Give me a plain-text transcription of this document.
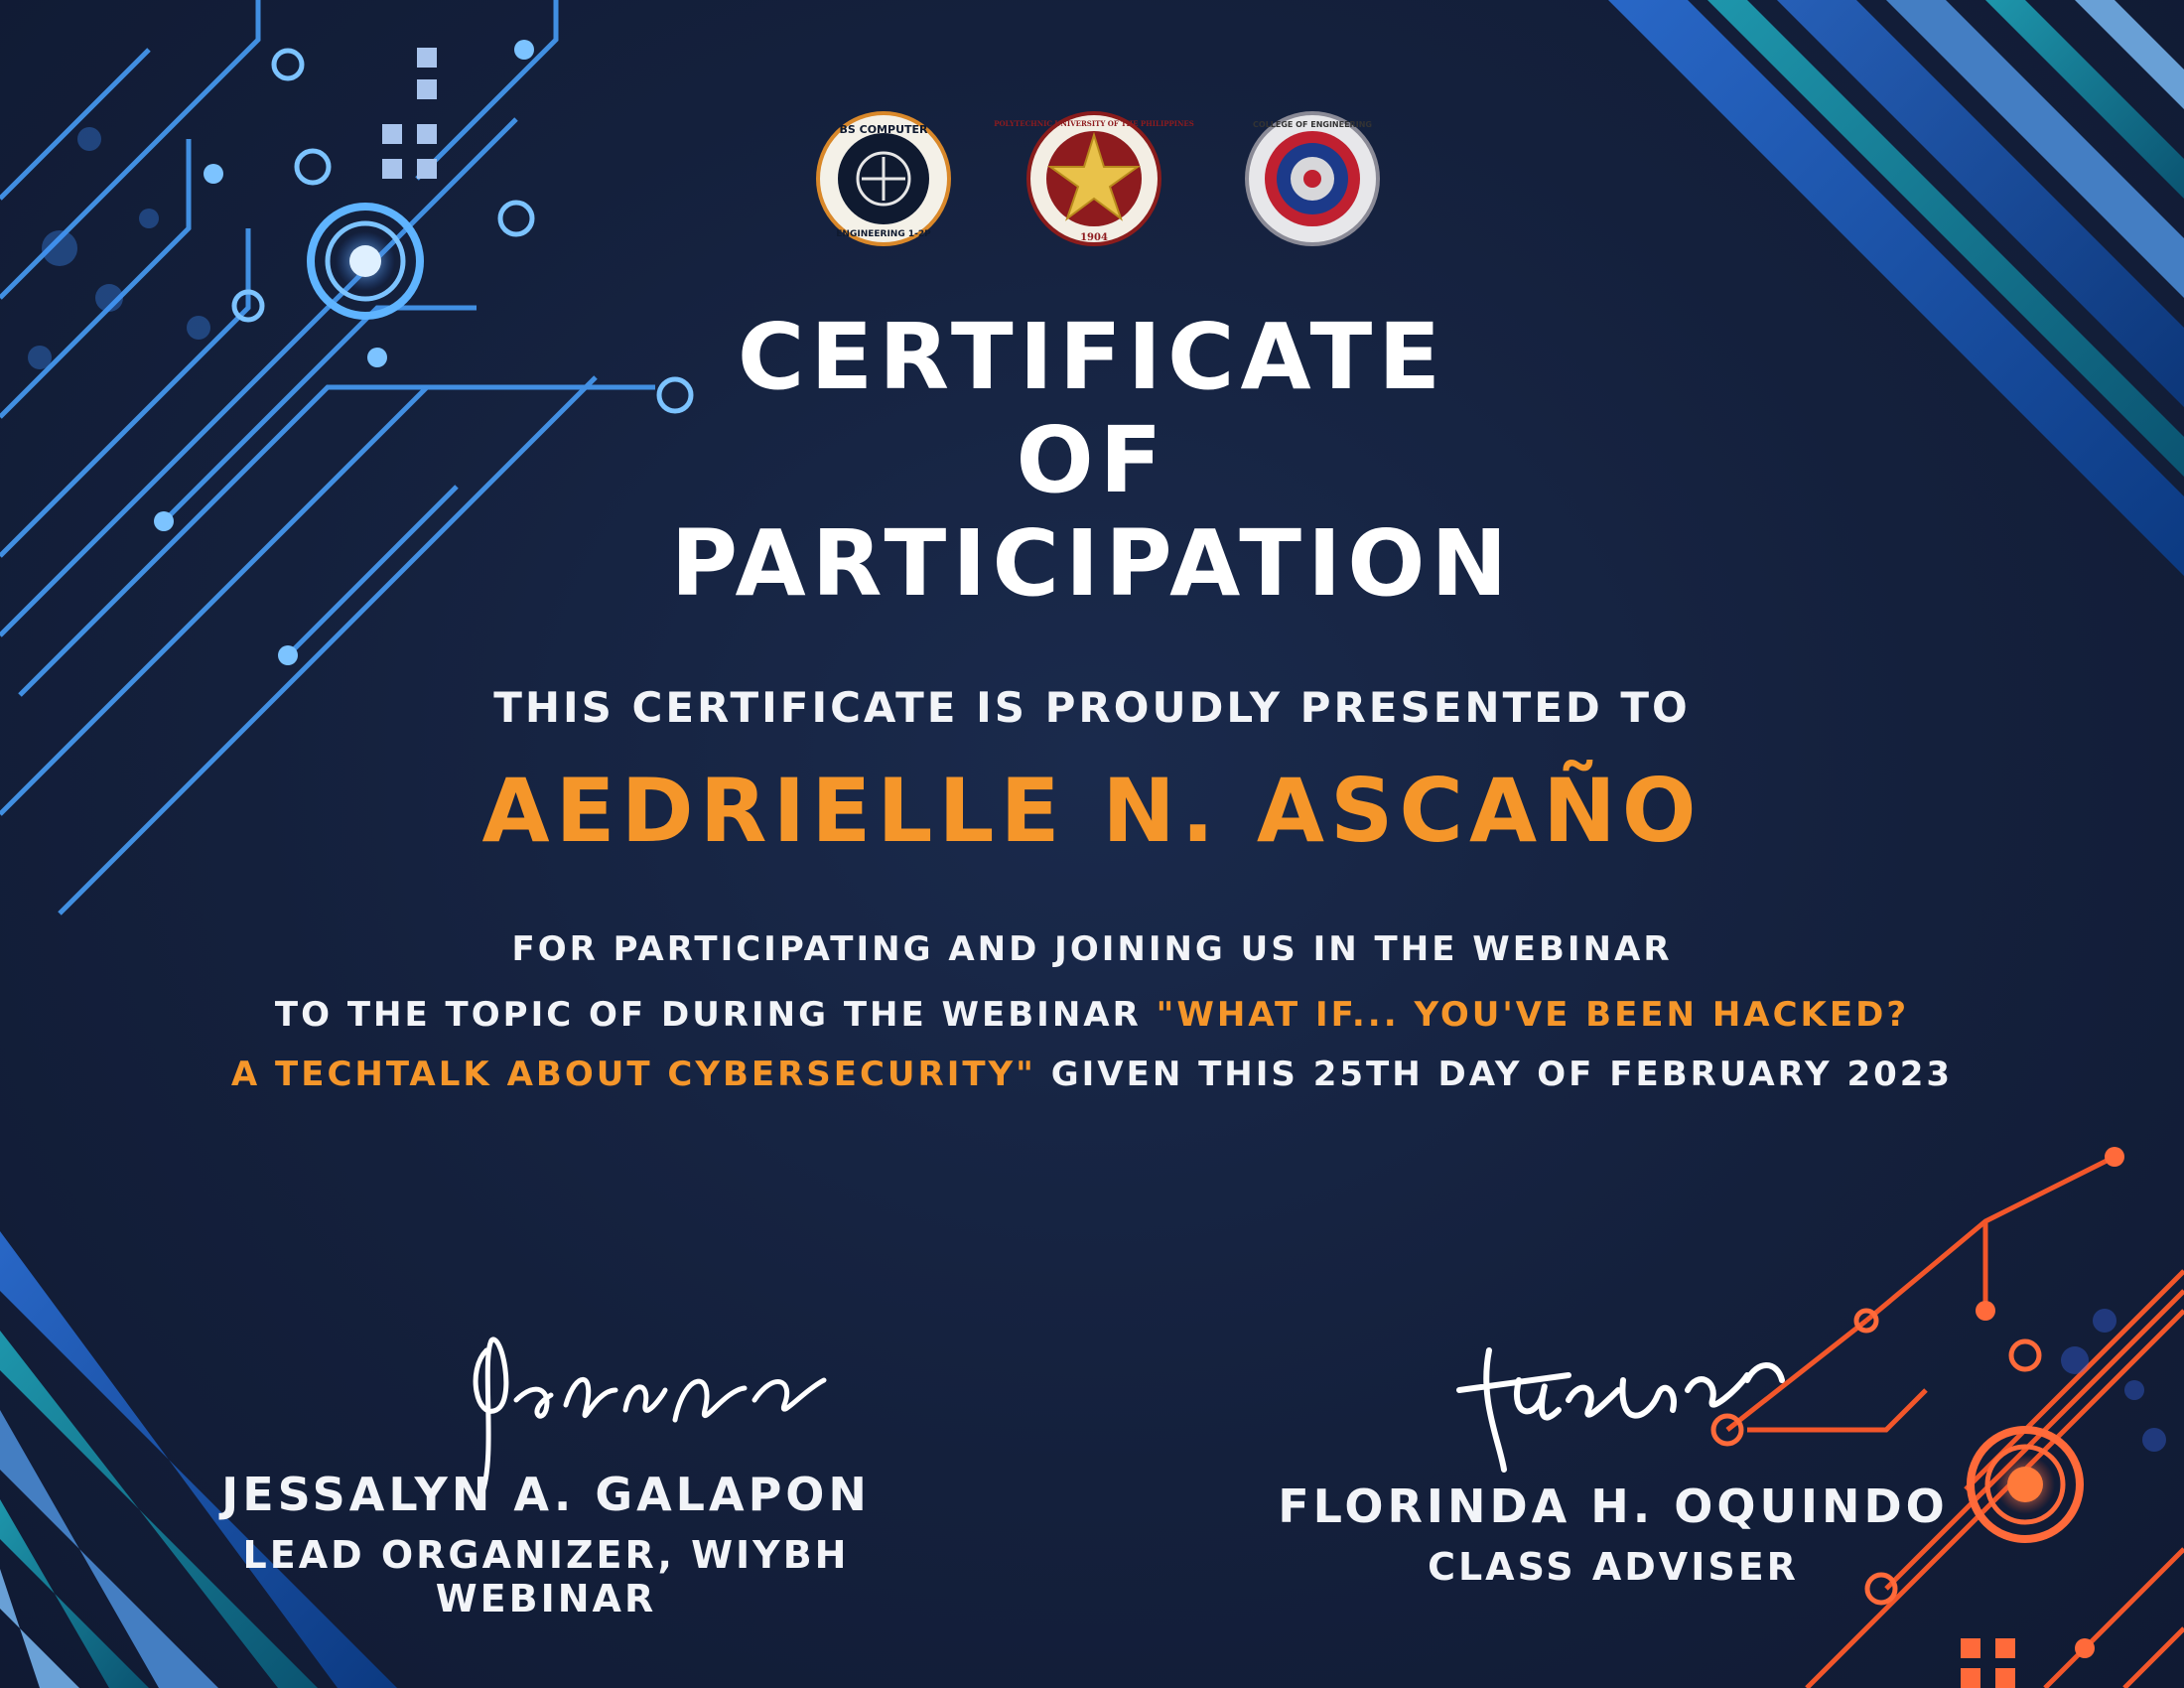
BS COMPUTER
ENGINEERING 1-2P
POLYTECHNIC UNIVERSITY OF THE PHILIPPINES
1904
COLLEGE OF ENGINEERING
CERTIFICATE
OF
PARTICIPATION
THIS CERTIFICATE IS PROUDLY PRESENTED TO
AEDRIELLE N. ASCAÑO
FOR PARTICIPATING AND JOINING US IN THE WEBINAR
TO THE TOPIC OF DURING THE WEBINAR "WHAT IF... YOU'VE BEEN HACKED?
A TECHTALK ABOUT CYBERSECURITY" GIVEN THIS 25TH DAY OF FEBRUARY 2023
Jgalapon
JESSALYN A. GALAPON
LEAD ORGANIZER, WIYBH WEBINAR
Foquindo
FLORINDA H. OQUINDO
CLASS ADVISER
